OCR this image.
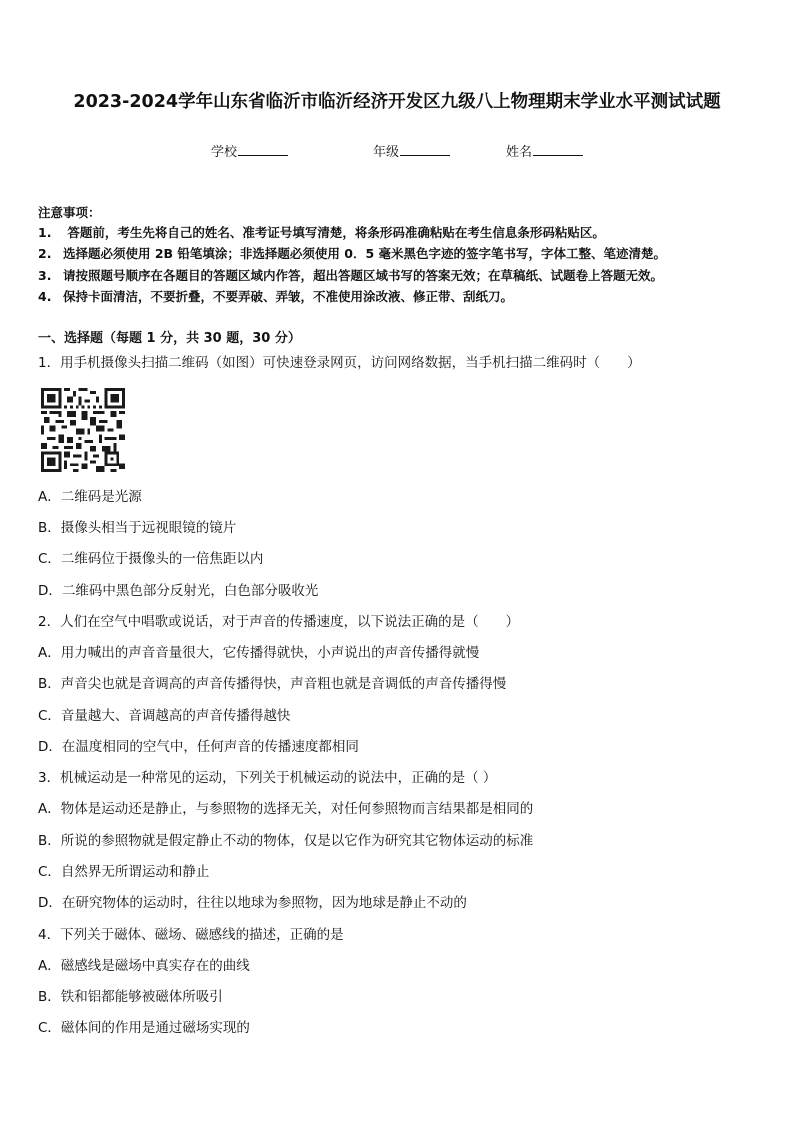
2023-2024学年山东省临沂市临沂经济开发区九级八上物理期末学业水平测试试题
学校	年级	姓名
注意事项：
1. 答题前，考生先将自己的姓名、准考证号填写清楚，将条形码准确粘贴在考生信息条形码粘贴区。
2. 选择题必须使用 2B 铅笔填涂；非选择题必须使用 0．5 毫米黑色字迹的签字笔书写，字体工整、笔迹清楚。
3. 请按照题号顺序在各题目的答题区域内作答，超出答题区域书写的答案无效；在草稿纸、试题卷上答题无效。
4. 保持卡面清洁，不要折叠，不要弄破、弄皱，不准使用涂改液、修正带、刮纸刀。
一、选择题（每题 1 分，共 30 题，30 分）
1．用手机摄像头扫描二维码（如图）可快速登录网页，访问网络数据，当手机扫描二维码时（　　）
A．二维码是光源
B．摄像头相当于远视眼镜的镜片
C．二维码位于摄像头的一倍焦距以内
D．二维码中黑色部分反射光，白色部分吸收光
2．人们在空气中唱歌或说话，对于声音的传播速度，以下说法正确的是（　　）
A．用力喊出的声音音量很大，它传播得就快，小声说出的声音传播得就慢
B．声音尖也就是音调高的声音传播得快，声音粗也就是音调低的声音传播得慢
C．音量越大、音调越高的声音传播得越快
D．在温度相同的空气中，任何声音的传播速度都相同
3．机械运动是一种常见的运动，下列关于机械运动的说法中，正确的是（ ）
A．物体是运动还是静止，与参照物的选择无关，对任何参照物而言结果都是相同的
B．所说的参照物就是假定静止不动的物体，仅是以它作为研究其它物体运动的标准
C．自然界无所谓运动和静止
D．在研究物体的运动时，往往以地球为参照物，因为地球是静止不动的
4．下列关于磁体、磁场、磁感线的描述，正确的是
A．磁感线是磁场中真实存在的曲线
B．铁和铝都能够被磁体所吸引
C．磁体间的作用是通过磁场实现的
